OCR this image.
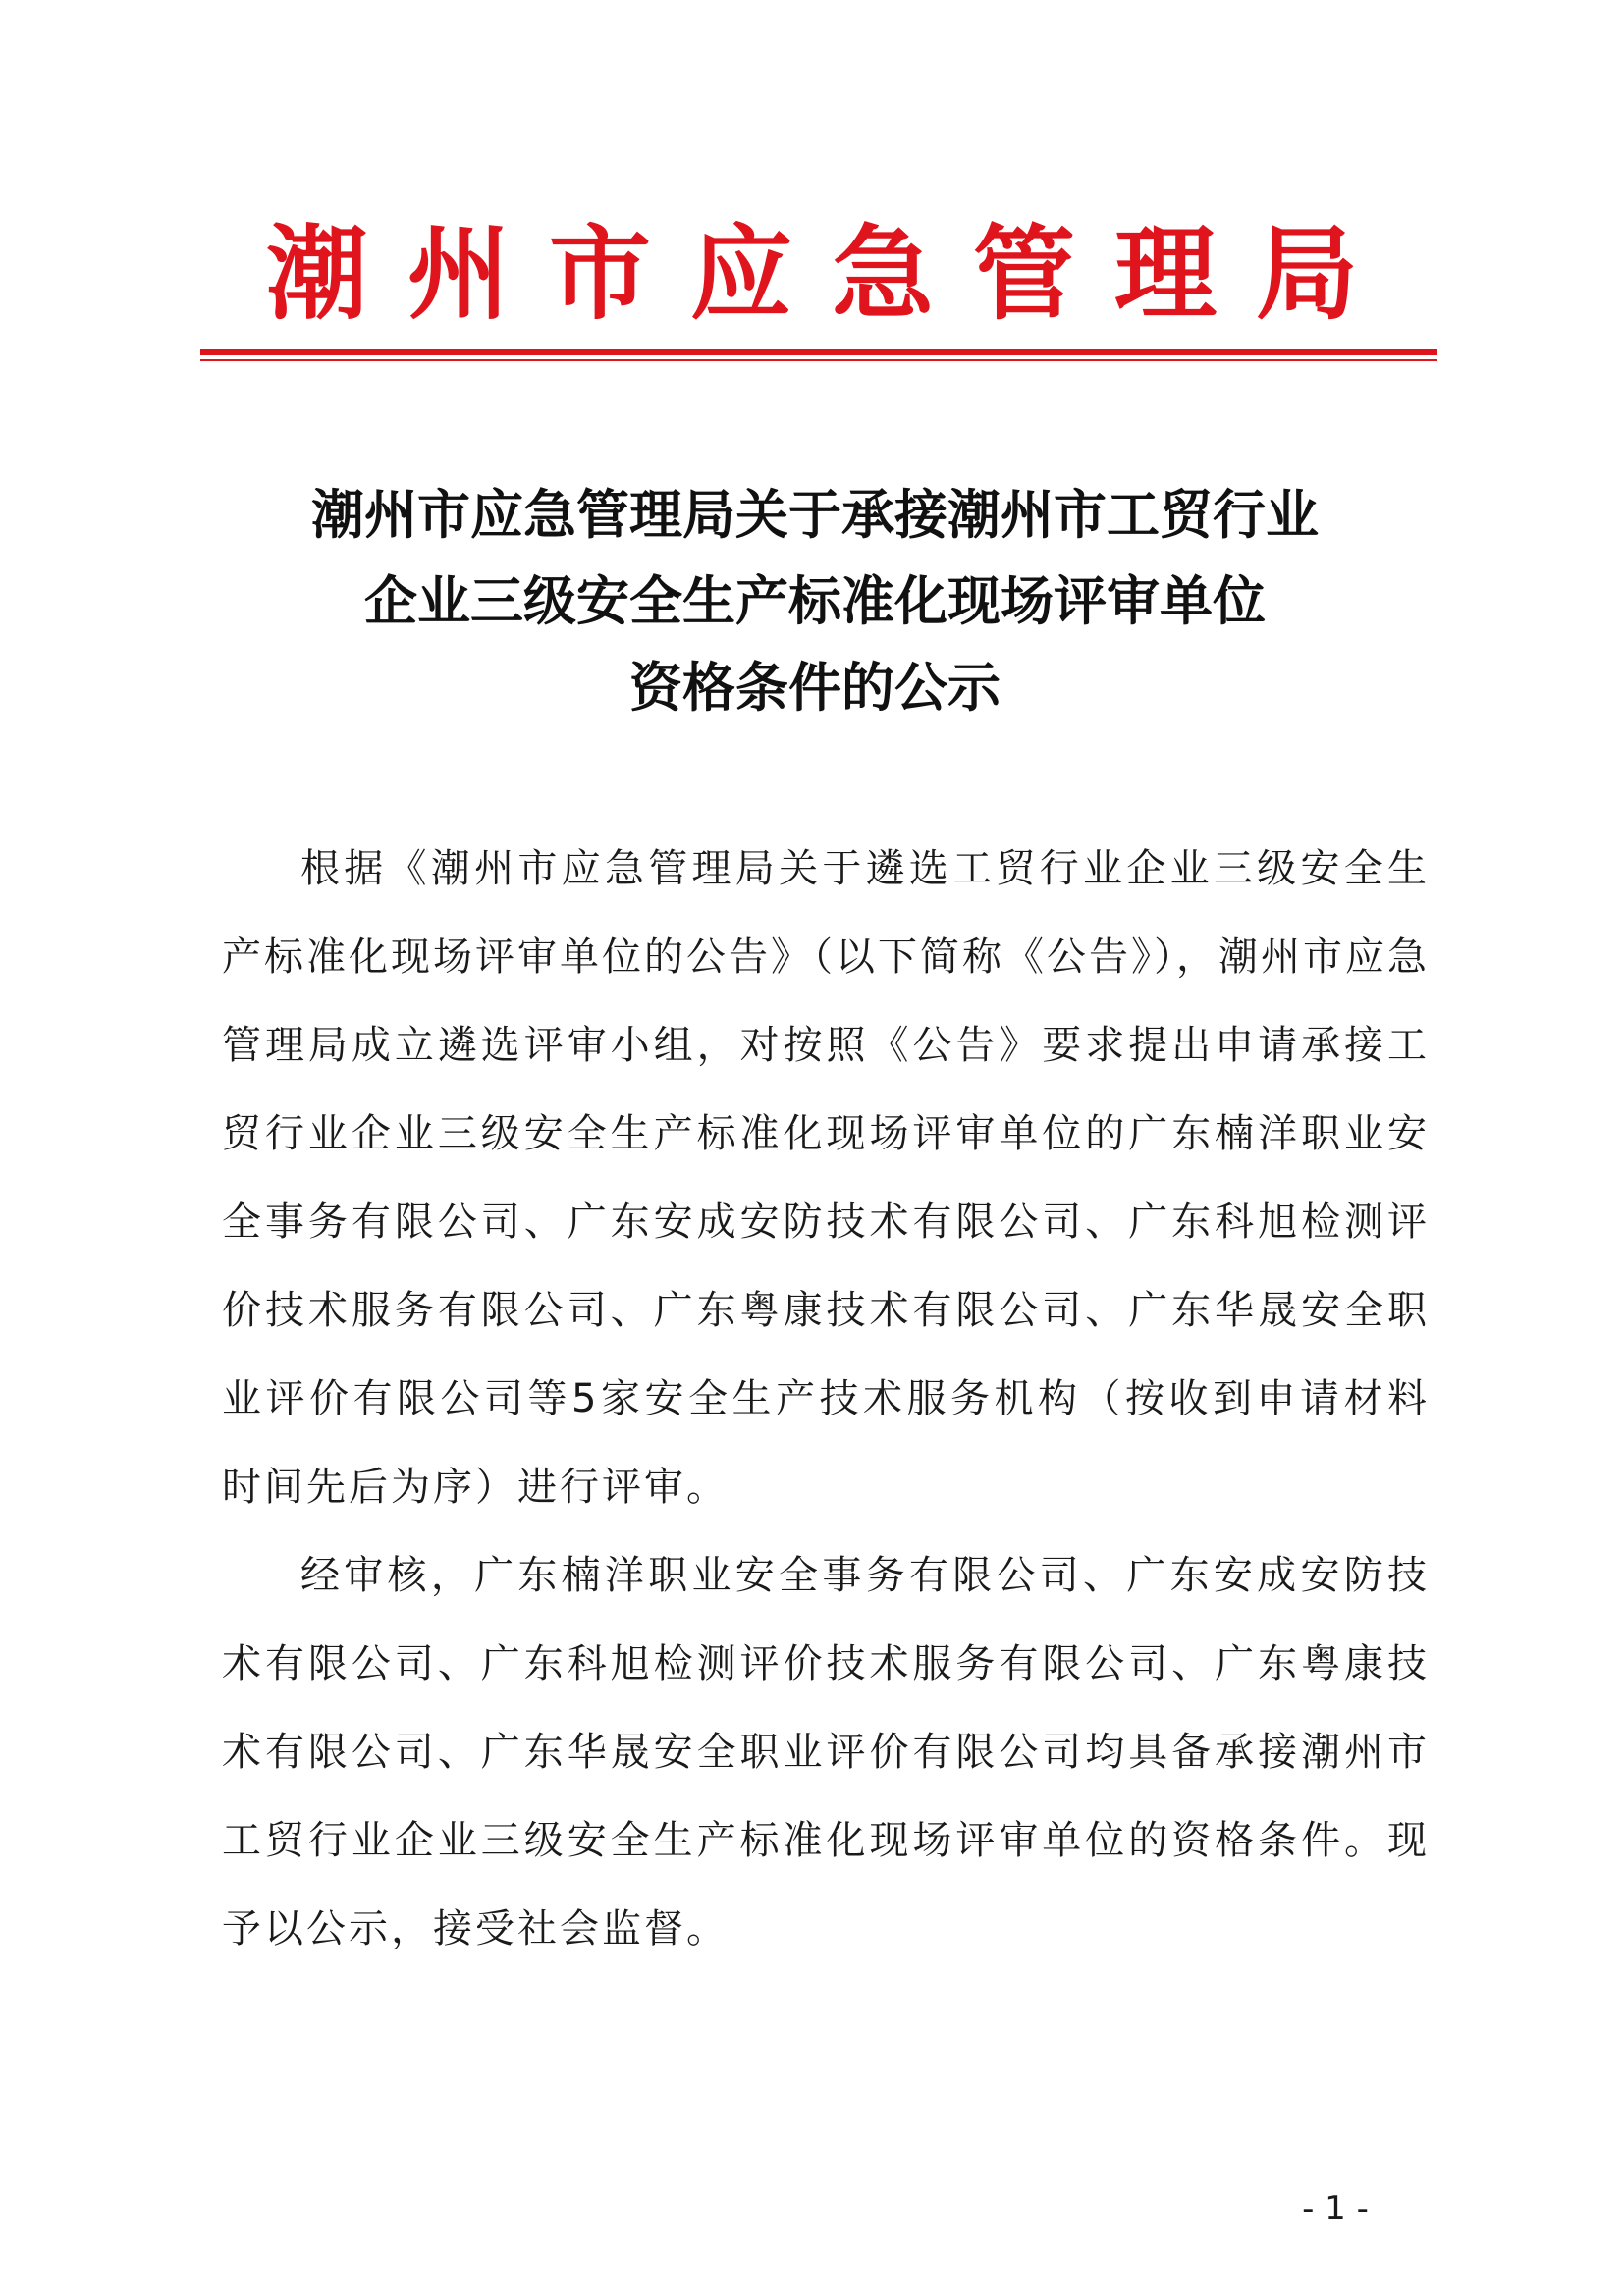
潮州市应急管理局
潮州市应急管理局关于承接潮州市工贸行业
企业三级安全生产标准化现场评审单位
资格条件的公示

根据《潮州市应急管理局关于遴选工贸行业企业三级安全生产标准化现场评审单位的公告》（以下简称《公告》），潮州市应急管理局成立遴选评审小组，对按照《公告》要求提出申请承接工贸行业企业三级安全生产标准化现场评审单位的广东楠洋职业安全事务有限公司、广东安成安防技术有限公司、广东科旭检测评价技术服务有限公司、广东粤康技术有限公司、广东华晟安全职业评价有限公司等5家安全生产技术服务机构（按收到申请材料时间先后为序）进行评审。

经审核，广东楠洋职业安全事务有限公司、广东安成安防技术有限公司、广东科旭检测评价技术服务有限公司、广东粤康技术有限公司、广东华晟安全职业评价有限公司均具备承接潮州市工贸行业企业三级安全生产标准化现场评审单位的资格条件。现予以公示，接受社会监督。

- 1 -
